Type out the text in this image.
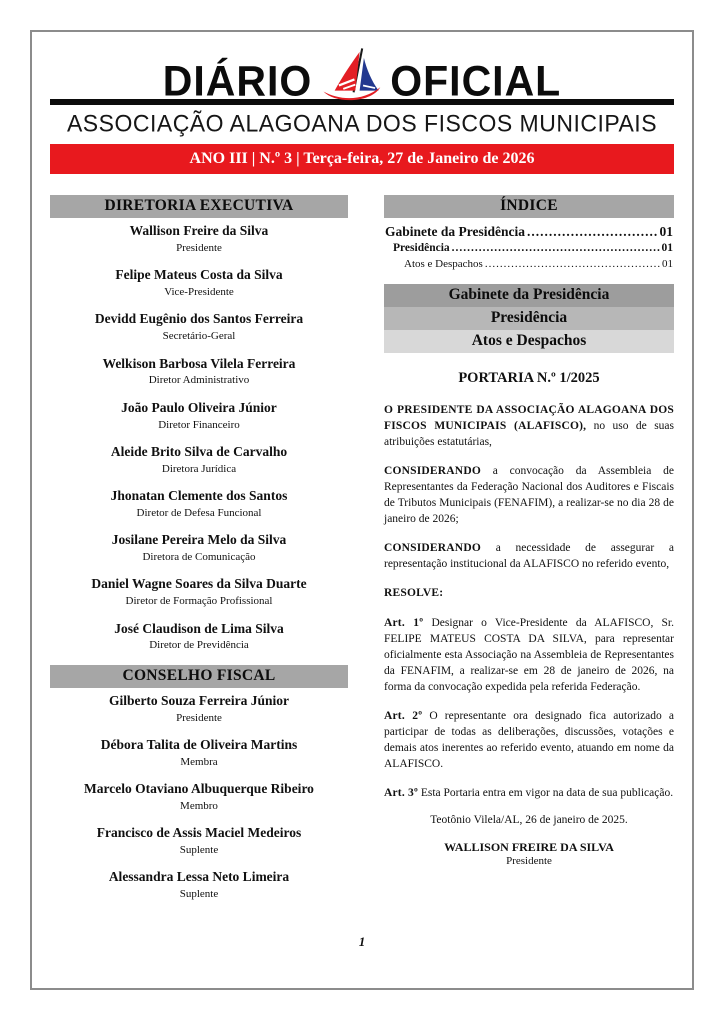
DIÁRIO OFICIAL
ASSOCIAÇÃO ALAGOANA DOS FISCOS MUNICIPAIS
ANO III | N.º 3 | Terça-feira, 27 de Janeiro de 2026
DIRETORIA EXECUTIVA
Wallison Freire da Silva
Presidente
Felipe Mateus Costa da Silva
Vice-Presidente
Devidd Eugênio dos Santos Ferreira
Secretário-Geral
Welkison Barbosa Vilela Ferreira
Diretor Administrativo
João Paulo Oliveira Júnior
Diretor Financeiro
Aleide Brito Silva de Carvalho
Diretora Jurídica
Jhonatan Clemente dos Santos
Diretor de Defesa Funcional
Josilane Pereira Melo da Silva
Diretora de Comunicação
Daniel Wagne Soares da Silva Duarte
Diretor de Formação Profissional
José Claudison de Lima Silva
Diretor de Previdência
CONSELHO FISCAL
Gilberto Souza Ferreira Júnior
Presidente
Débora Talita de Oliveira Martins
Membra
Marcelo Otaviano Albuquerque Ribeiro
Membro
Francisco de Assis Maciel Medeiros
Suplente
Alessandra Lessa Neto Limeira
Suplente
ÍNDICE
Gabinete da Presidência .....	01
Presidência .....	01
Atos e Despachos .....	01
Gabinete da Presidência
Presidência
Atos e Despachos
PORTARIA N.º 1/2025

O PRESIDENTE DA ASSOCIAÇÃO ALAGOANA DOS FISCOS MUNICIPAIS (ALAFISCO), no uso de suas atribuições estatutárias,

CONSIDERANDO a convocação da Assembleia de Representantes da Federação Nacional dos Auditores e Fiscais de Tributos Municipais (FENAFIM), a realizar-se no dia 28 de janeiro de 2026;

CONSIDERANDO a necessidade de assegurar a representação institucional da ALAFISCO no referido evento,

RESOLVE:

Art. 1º Designar o Vice-Presidente da ALAFISCO, Sr. FELIPE MATEUS COSTA DA SILVA, para representar oficialmente esta Associação na Assembleia de Representantes da FENAFIM, a realizar-se em 28 de janeiro de 2026, na forma da convocação expedida pela referida Federação.

Art. 2º O representante ora designado fica autorizado a participar de todas as deliberações, discussões, votações e demais atos inerentes ao referido evento, atuando em nome da ALAFISCO.

Art. 3º Esta Portaria entra em vigor na data de sua publicação.

Teotônio Vilela/AL, 26 de janeiro de 2025.

WALLISON FREIRE DA SILVA

Presidente

1
